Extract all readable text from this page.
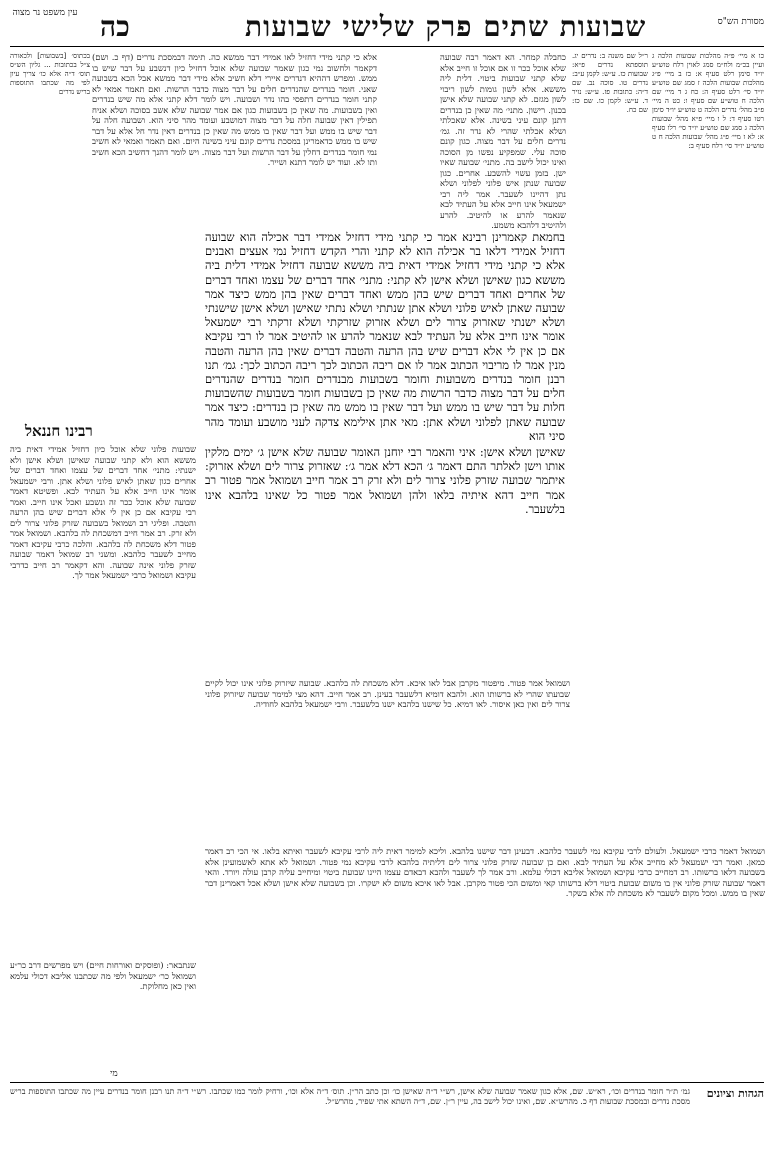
עין משפט נר מצוה כה	שבועות שתים פרק שלישי שבועות	מסורת הש"ס
בכתוס׳ [בשבועות] ולכאורה צ״ל בכתובות ... גליון הש״ס תוס׳ ד״ה אלא כו׳ צריך עיון לפי מה שכתבו התוספות בריש נדרים
אלא כי קתני מידי דחזיל לאו אמידי דבר ממשא כה. תימה דבמסכת נדרים (דף כ. ושם) דקאמר ולחשוב נמי כגון שאמר שבועה שלא אוכל דחזיל כיון דנשבע על דבר שיש בו ממש. ומפרש דההיא דנדרים איירי דלא חשיב אלא מידי דבר ממשא אבל הכא בשבועה שאני. חומר בנדרים שהנדרים חלים על דבר מצוה כדבר הרשות. ואם תאמר אמאי לא קתני חומר בנדרים דתפסי בהו נדר ושבועה. ויש לומר דלא קתני אלא מה שיש בנדרים ואין בשבועות. מה שאין כן בשבועות כגון אם אמר שבועה שלא אשב בסוכה ושלא אניח תפילין דאין שבועה חלה על דבר מצוה דמושבע ועומד מהר סיני הוא. ושבועה חלה על דבר שיש בו ממש ועל דבר שאין בו ממש מה שאין כן בנדרים דאין נדר חל אלא על דבר שיש בו ממש כדאמרינן במסכת נדרים קונם עיני בשינה היום. ואם תאמר ואמאי לא חשיב נמי חומר בנדרים דחלין על דבר הרשות ועל דבר מצוה. ויש לומר דהנך דחשיב הכא חשיב ותו לא. ועוד יש לומר דתנא ושייר.
כחבלה קמחר. הא דאמר רבה שבועה שלא אוכל ככר זו אם אוכל זו חייב אלא שלא קתני שבועות ביטוי. דלית ליה מששא. אלא לשון גומות לשון ריבוי לשון מגזם. לא קתני שבועה שלא אישן בכנון. רישון. מתני׳ מה שאין כן בנדרים דתנן קונם עיני בשינה. אלא שאכלתי ושלא אכלתי שהרי לא נדר זה. גמ׳ נדרים חלים על דבר מצוה. כגון קונם סוכה עלי. שמפקיע נפשו מן הסוכה ואינו יכול לישב בה. מתני׳ שבועה שאיו ישן. בזמן עשוי להשבע. אחרים. כגון שבועה שנתן איש פלוני לפלוני ושלא נתן דהיינו לשעבר. אמר ליה רבי ישמעאל אינו חייב אלא על העתיד לבא שנאמר להרע או להיטיב. להרע ולהיטיב דלהבא משמע.
ר״ל שם משנה ב: נדרים יג. תוספתא נדרים פ״א: שבועות כז. ע״ש: לקמן ע״ב: נדרים טו. סוכה נב. שם ד״ה: כתובות פז. ע״ש: נזיר ד. ע״ש: לקמן כו. שם כז: שם כח.
כו א מיי׳ פ״ה מהלכות שבועות הלכה ג ועיין בכ״מ ולח״מ סמג לאוין רלח טוש״ע יו״ד סימן רלט סעיף א: כז ב מיי׳ פ״ג מהלכות שבועות הלכה ז סמג שם טוש״ע יו״ד סי׳ רלט סעיף ה: כח ג ד מיי׳ שם הלכה ח טוש״ע שם סעיף ו: כט ה מיי׳ פ״ב מהל׳ נדרים הלכה ט טוש״ע יו״ד סימן רטו סעיף ד: ל ו מיי׳ פ״א מהל׳ שבועות הלכה ג סמג שם טוש״ע יו״ד סי׳ רלו סעיף א: לא ז מיי׳ פ״ג מהל׳ שבועות הלכה ח ט טוש״ע יו״ד סי׳ רלח סעיף ב:

בחמאת קאמרינן רבינא אמר כי קתני מידי דחזיל אמידי דבר אכילה הוא שבועה דחזיל אמידי דלאו בר אכילה הוא לא קתני והרי הקדש דחזיל נמי אעצים ואבנים אלא כי קתני מידי דחזיל אמידי דאית ביה מששא שבועה דחזיל אמידי דלית ביה מששא כגון שאישן ושלא אישן לא קתני: מתני׳ אחד דברים של עצמו ואחד דברים של אחרים ואחד דברים שיש בהן ממש ואחד דברים שאין בהן ממש כיצד אמר שבועה שאתן לאיש פלוני ושלא אתן שנתתי ושלא נתתי שאישן ושלא אישן שישנתי ושלא ישנתי שאזרוק צרור לים ושלא אזרוק שזרקתי ושלא זרקתי רבי ישמעאל אומר אינו חייב אלא על העתיד לבא שנאמר להרע או להיטיב אמר לו רבי עקיבא אם כן אין לי אלא דברים שיש בהן הרעה והטבה דברים שאין בהן הרעה והטבה מנין אמר לו מריבוי הכתוב אמר לו אם ריבה הכתוב לכך ריבה הכתוב לכך: גמ׳ תנו רבנן חומר בנדרים משבועות וחומר בשבועות מבנדרים חומר בנדרים שהנדרים חלים על דבר מצוה כדבר הרשות מה שאין כן בשבועות חומר בשבועות שהשבועות חלות על דבר שיש בו ממש ועל דבר שאין בו ממש מה שאין כן בנדרים: כיצד אמר שבועה שאתן לפלוני ושלא אתן: מאי אתן אילימא צדקה לעני מושבע ועומד מהר סיני הוא

שאישן ושלא אישן: איני והאמר רבי יוחנן האומר שבועה שלא אישן ג׳ ימים מלקין אותו וישן לאלתר התם דאמר ג׳ הכא דלא אמר ג׳: שאזרוק צרור לים ושלא אזרוק: איתמר שבועה שזרק פלוני צרור לים ולא זרק רב אמר חייב ושמואל אמר פטור רב אמר חייב דהא איתיה בלאו ולהן ושמואל אמר פטור כל שאינו בלהבא אינו בלשעבר.

רבינו חננאל
שבועות פלוני שלא אוכל כיון דחזיל אמידי דאית ביה מששא הוא ולא קתני שבועה שאישן ושלא אישן ולא ישנתי: מתני׳ אחד דברים של עצמו ואחד דברים של אחרים כגון שאתן לאיש פלוני ושלא אתן. ורבי ישמעאל אומר אינו חייב אלא על העתיד לבא. ופשיטא דאמר שבועה שלא אוכל ככר זה ונשבע ואכל אינו חייב. ואמר רבי עקיבא אם כן אין לי אלא דברים שיש בהן הרעה והטבה. ופליגי רב ושמואל בשבועה שזרק פלוני צרור לים ולא זרק. רב אמר חייב דמשכחת לה בלהבא. ושמואל אמר פטור דלא משכחת לה בלהבא. והלכה כרבי עקיבא דאמר מחייב לשעבר כלהבא. ומשני רב שמואל דאמר שבועה שזרק פלוני אינה שבועה. והא דקאמר רב חייב כדרבי עקיבא ושמואל כרבי ישמעאל אמר לך.
ושמואל אמר פטור. מיפטור מקרבן אבל לאו איכא. דלא משכחת לה בלהבא. שבועה שיזרוק פלוני אינו יכול לקיים שבועתו שהרי לא ברשותו הוא. ולהבא דומיא דלשעבר בעינן. רב אמר חייב. דהא מצי למימר שבועה שיזרוק פלוני צרור לים ואין כאן איסור. לאו דמיא. כל שישנו בלהבא ישנו בלשעבר. ורבי ישמעאל בלהבא לחודיה.
ושמואל דאמר כרבי ישמעאל. ולעולם לרבי עקיבא נמי לשעבר כלהבא. דבעינן דבר שישנו בלהבא. וליכא למימר דאית ליה לרבי עקיבא לשעבר ואיתא בלאו. אי הכי רב דאמר כמאן. ואמר רבי ישמעאל לא מחייב אלא על העתיד לבא. ואם כן שבועה שזרק פלוני צרור לים דליתיה בלהבא לרבי עקיבא נמי פטור. ושמואל לא אתא לאשמועינן אלא בשבועה דלאו ברשותו. רב דמחייב כרבי עקיבא ושמואל אליבא דכולי עלמא. ורב אמר לך לשעבר ולהבא דבאדם עצמו היינו שבועת ביטוי ומיחייב עליה קרבן עולה ויורד. והאי דאמר שבועה שזרק פלוני אין בו משום שבועת ביטוי דלא ברשותו קאי ומשום הכי פטור מקרבן. אבל לאו איכא משום לא ישקרו. וכן בשבועה שלא אישן ושלא אכל דאמרינן דבר שאין בו ממש. ומכל מקום לשעבר לא משכחת לה אלא בשקר.
שנתבאר: (ופוסקים ואורחות חיים) ויש מפרשים דרב כר״ע ושמואל כר׳ ישמעאל ולפי מה שכתבנו אליבא דכולי עלמא ואין כאן מחלוקת.
מי
הגהות וציונים
גמ׳ ת״ר חומר בנדרים וכו׳, רא״ש. שם, אלא כגון שאמר שבועה שלא אישן, רש״י ד״ה שאישן כו׳ וכן כתב הר״ן. תוס׳ ד״ה אלא וכו׳, ורחיק לומר כמו שכתבו. רש״י ד״ה תנו רבנן חומר בנדרים עיין מה שכתבו התוספות בריש מסכת נדרים ובמסכת שבועות דף כ. מהרש״א. שם, ואינו יכול לישב בה, עיין ר״ן. שם, ד״ה השתא אתי שפיר, מהרש״ל.
